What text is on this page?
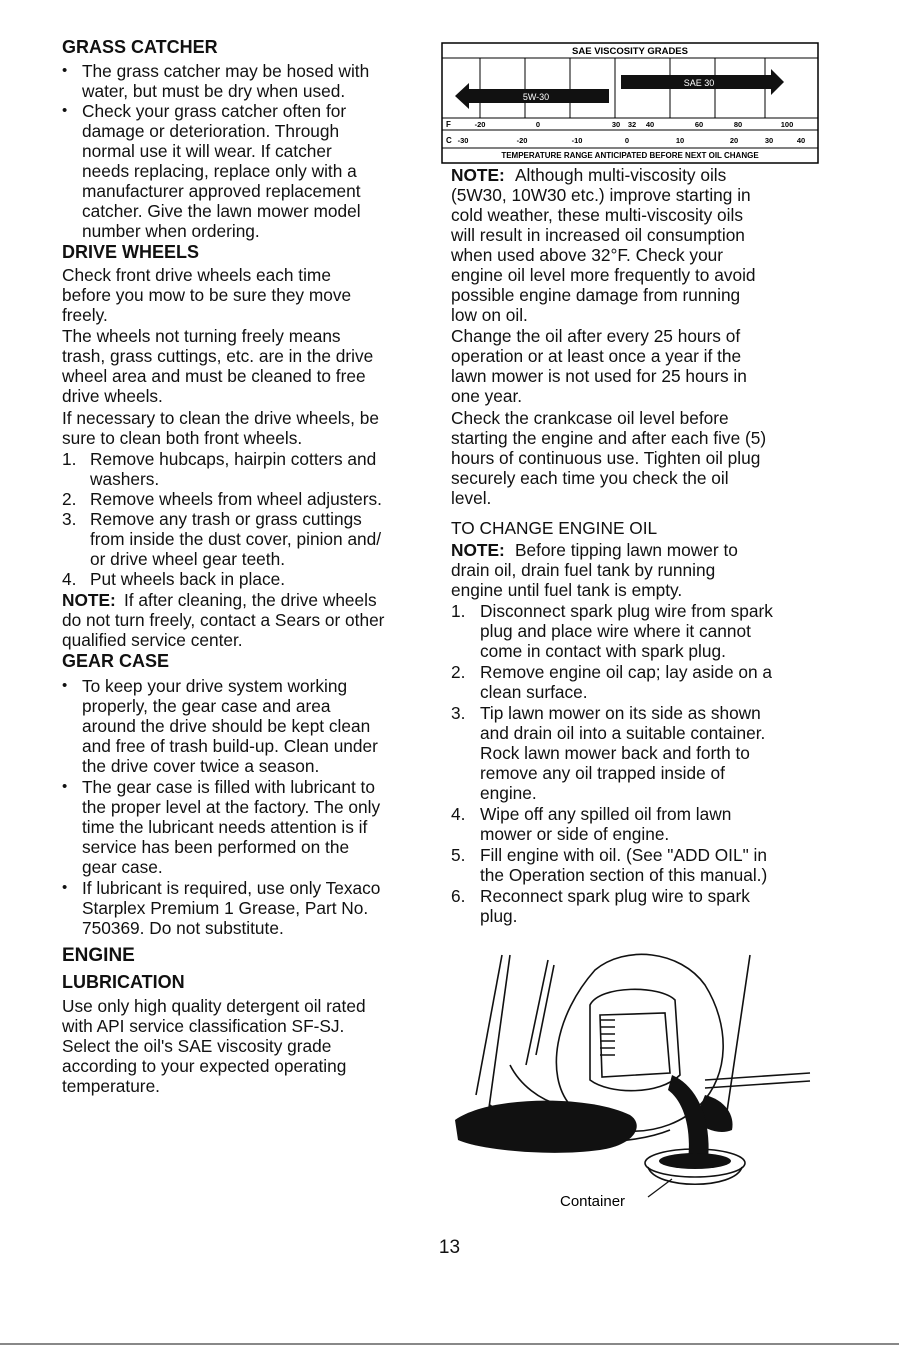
GRASS CATCHER
• The grass catcher may be hosed with
water, but must be dry when used.
• Check your grass catcher often for
damage or deterioration. Through
normal use it will wear. If catcher
needs replacing, replace only with a
manufacturer approved replacement
catcher. Give the lawn mower model
number when ordering.
DRIVE WHEELS
Check front drive wheels each time
before you mow to be sure they move
freely.
The wheels not turning freely means
trash, grass cuttings, etc. are in the drive
wheel area and must be cleaned to free
drive wheels.
If necessary to clean the drive wheels, be
sure to clean both front wheels.
1. Remove hubcaps, hairpin cotters and
washers.
2. Remove wheels from wheel adjusters.
3. Remove any trash or grass cuttings
from inside the dust cover, pinion and/
or drive wheel gear teeth.
4. Put wheels back in place.
NOTE: If after cleaning, the drive wheels
do not turn freely, contact a Sears or other
qualified service center.
GEAR CASE
• To keep your drive system working
properly, the gear case and area
around the drive should be kept clean
and free of trash build-up. Clean under
the drive cover twice a season.
• The gear case is filled with lubricant to
the proper level at the factory. The only
time the lubricant needs attention is if
service has been performed on the
gear case.
• If lubricant is required, use only Texaco
Starplex Premium 1 Grease, Part No.
750369. Do not substitute.
ENGINE
LUBRICATION
Use only high quality detergent oil rated
with API service classification SF-SJ.
Select the oil's SAE viscosity grade
according to your expected operating
temperature.
SAE VISCOSITY GRADES
SAE 30
5W-30
F	-20	0	30 32 40	60	80	100
C -30	-20	-10	0	10	20	30	40
TEMPERATURE RANGE ANTICIPATED BEFORE NEXT OIL CHANGE
NOTE: Although multi-viscosity oils
(5W30, 10W30 etc.) improve starting in
cold weather, these multi-viscosity oils
will result in increased oil consumption
when used above 32°F. Check your
engine oil level more frequently to avoid
possible engine damage from running
low on oil.
Change the oil after every 25 hours of
operation or at least once a year if the
lawn mower is not used for 25 hours in
one year.
Check the crankcase oil level before
starting the engine and after each five (5)
hours of continuous use. Tighten oil plug
securely each time you check the oil
level.
TO CHANGE ENGINE OIL
NOTE: Before tipping lawn mower to
drain oil, drain fuel tank by running
engine until fuel tank is empty.
1. Disconnect spark plug wire from spark
plug and place wire where it cannot
come in contact with spark plug.
2. Remove engine oil cap; lay aside on a
clean surface.
3. Tip lawn mower on its side as shown
and drain oil into a suitable container.
Rock lawn mower back and forth to
remove any oil trapped inside of
engine.
4. Wipe off any spilled oil from lawn
mower or side of engine.
5. Fill engine with oil. (See "ADD OIL" in
the Operation section of this manual.)
6. Reconnect spark plug wire to spark
plug.
Container
13
